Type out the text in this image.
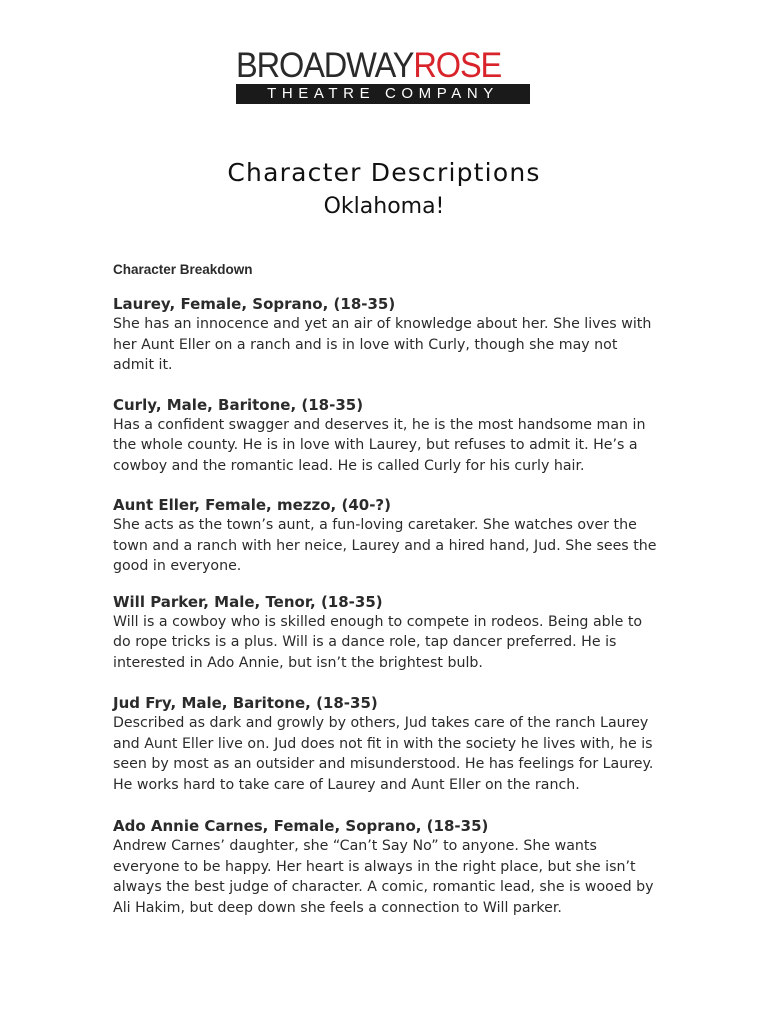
BROADWAYROSE
THEATRE COMPANY
Character Descriptions
Oklahoma!
Character Breakdown

Laurey, Female, Soprano, (18-35)

She has an innocence and yet an air of knowledge about her. She lives with her Aunt Eller on a ranch and is in love with Curly, though she may not admit it.

Curly, Male, Baritone, (18-35)

Has a confident swagger and deserves it, he is the most handsome man in the whole county. He is in love with Laurey, but refuses to admit it. He’s a cowboy and the romantic lead. He is called Curly for his curly hair.

Aunt Eller, Female, mezzo, (40-?)

She acts as the town’s aunt, a fun-loving caretaker. She watches over the town and a ranch with her neice, Laurey and a hired hand, Jud. She sees the good in everyone.

Will Parker, Male, Tenor, (18-35)

Will is a cowboy who is skilled enough to compete in rodeos. Being able to do rope tricks is a plus. Will is a dance role, tap dancer preferred. He is interested in Ado Annie, but isn’t the brightest bulb.

Jud Fry, Male, Baritone, (18-35)

Described as dark and growly by others, Jud takes care of the ranch Laurey and Aunt Eller live on. Jud does not fit in with the society he lives with, he is seen by most as an outsider and misunderstood. He has feelings for Laurey. He works hard to take care of Laurey and Aunt Eller on the ranch.

Ado Annie Carnes, Female, Soprano, (18-35)

Andrew Carnes’ daughter, she “Can’t Say No” to anyone. She wants everyone to be happy. Her heart is always in the right place, but she isn’t always the best judge of character. A comic, romantic lead, she is wooed by Ali Hakim, but deep down she feels a connection to Will parker.
